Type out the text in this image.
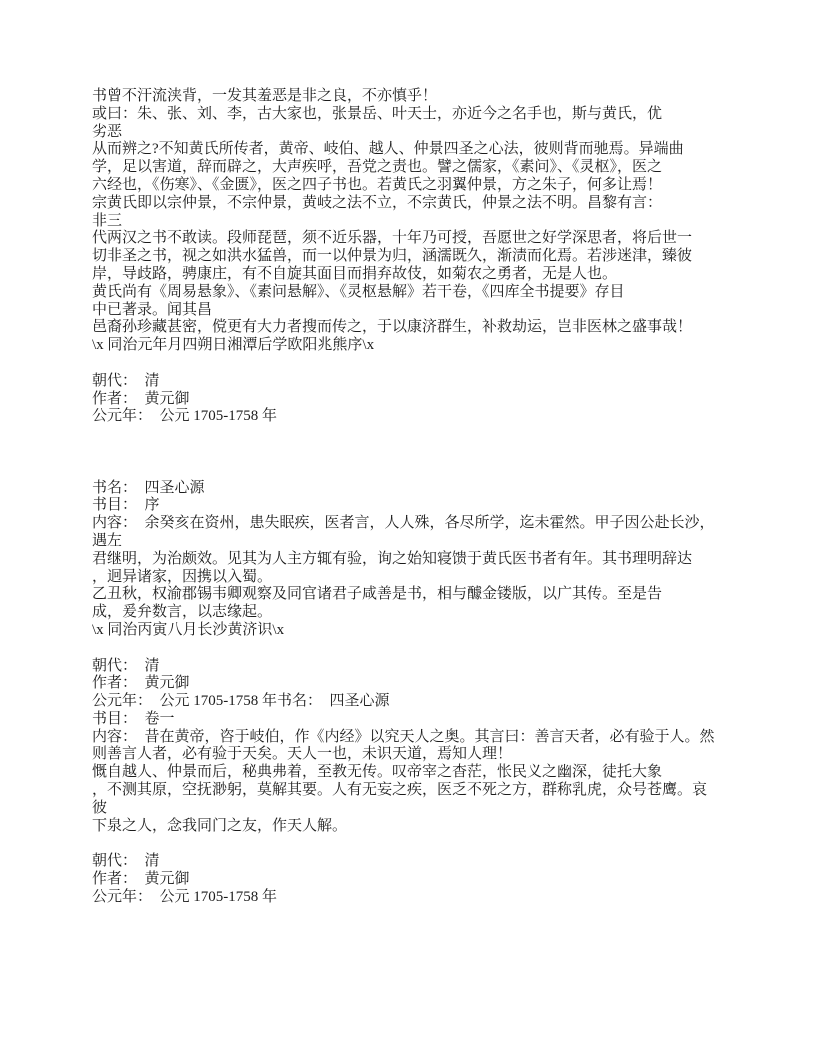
书曾不汗流浃背，一发其羞恶是非之良，不亦慎乎！
或曰：朱、张、刘、李，古大家也，张景岳、叶天士，亦近今之名手也，斯与黄氏，优
劣恶
从而辨之?不知黄氏所传者，黄帝、岐伯、越人、仲景四圣之心法，彼则背而驰焉。异端曲
学，足以害道，辞而辟之，大声疾呼，吾党之责也。譬之儒家，《素问》、《灵枢》，医之
六经也，《伤寒》、《金匮》，医之四子书也。若黄氏之羽翼仲景，方之朱子，何多让焉！
宗黄氏即以宗仲景，不宗仲景，黄岐之法不立，不宗黄氏，仲景之法不明。昌黎有言：
非三
代两汉之书不敢读。段师琵琶，须不近乐器，十年乃可授，吾愿世之好学深思者，将后世一
切非圣之书，视之如洪水猛兽，而一以仲景为归，涵濡既久，渐渍而化焉。若涉迷津，臻彼
岸，导歧路，骋康庄，有不自旋其面目而捐弃故伎，如菊农之勇者，无是人也。
黄氏尚有《周易悬象》、《素问悬解》、《灵枢悬解》若干卷，《四库全书提要》存目
中已著录。闻其昌
邑裔孙珍藏甚密，傥更有大力者搜而传之，于以康济群生，补救劫运，岂非医林之盛事哉！
\x 同治元年月四朔日湘潭后学欧阳兆熊序\x
朝代：  清
作者：  黄元御
公元年：  公元 1705-1758 年
书名：  四圣心源
书目：  序
内容：  余癸亥在资州，患失眠疾，医者言，人人殊，各尽所学，迄未霍然。甲子因公赴长沙，
遇左
君继明，为治颇效。见其为人主方辄有验，询之始知寝馈于黄氏医书者有年。其书理明辞达
，迥异诸家，因携以入蜀。
乙丑秋，权渝郡锡韦卿观察及同官诸君子咸善是书，相与醵金镂版，以广其传。至是告
成，爰弁数言，以志缘起。
\x 同治丙寅八月长沙黄济识\x
朝代：  清
作者：  黄元御
公元年：  公元 1705-1758 年书名：  四圣心源
书目：  卷一
内容：  昔在黄帝，咨于岐伯，作《内经》以究天人之奥。其言曰：善言天者，必有验于人。然
则善言人者，必有验于天矣。天人一也，未识天道，焉知人理！
慨自越人、仲景而后，秘典弗着，至教无传。叹帝宰之杳茫，怅民义之幽深，徒托大象
，不测其原，空抚渺躬，莫解其要。人有无妄之疾，医乏不死之方，群称乳虎，众号苍鹰。哀
彼
下泉之人，念我同门之友，作天人解。
朝代：  清
作者：  黄元御
公元年：  公元 1705-1758 年
